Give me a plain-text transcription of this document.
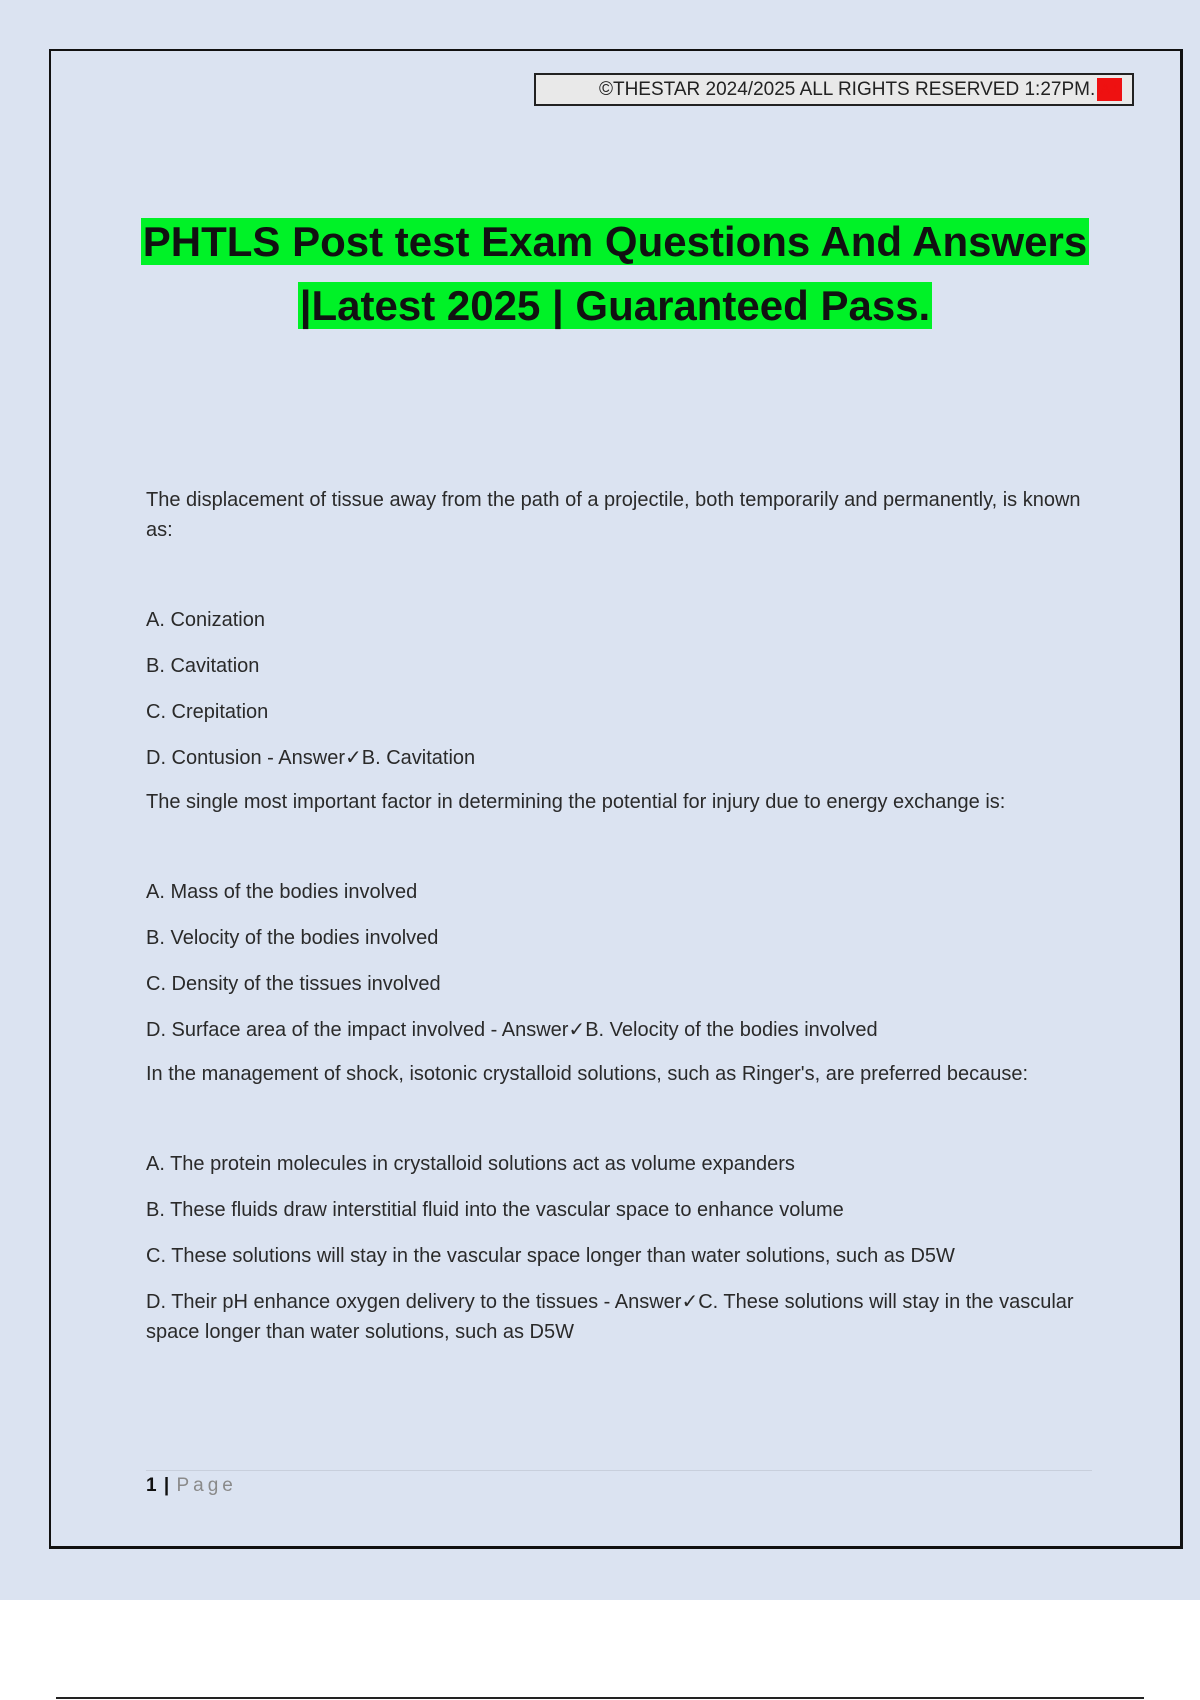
©THESTAR 2024/2025 ALL RIGHTS RESERVED 1:27PM. A+
PHTLS Post test Exam Questions And Answers
|Latest 2025 | Guaranteed Pass.

The displacement of tissue away from the path of a projectile, both temporarily and permanently, is known as:

A. Conization

B. Cavitation

C. Crepitation

D. Contusion - Answer✓B. Cavitation

The single most important factor in determining the potential for injury due to energy exchange is:

A. Mass of the bodies involved

B. Velocity of the bodies involved

C. Density of the tissues involved

D. Surface area of the impact involved - Answer✓B. Velocity of the bodies involved

In the management of shock, isotonic crystalloid solutions, such as Ringer's, are preferred because:

A. The protein molecules in crystalloid solutions act as volume expanders

B. These fluids draw interstitial fluid into the vascular space to enhance volume

C. These solutions will stay in the vascular space longer than water solutions, such as D5W

D. Their pH enhance oxygen delivery to the tissues - Answer✓C. These solutions will stay in the vascular space longer than water solutions, such as D5W

1 | Page
